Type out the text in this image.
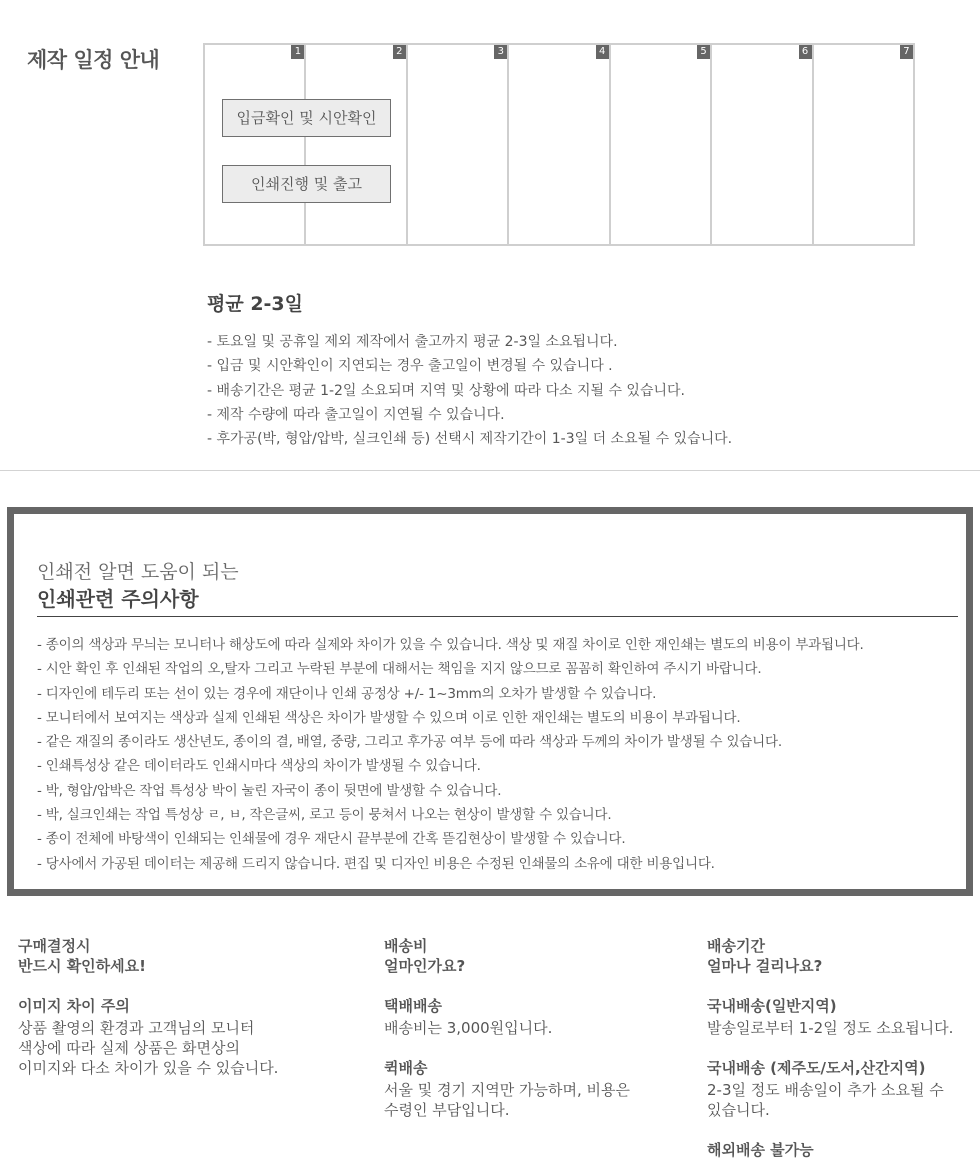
제작 일정 안내	1	2	3	4	5	6	7
입금확인 및 시안확인
인쇄진행 및 출고
평균 2-3일
- 토요일 및 공휴일 제외 제작에서 출고까지 평균 2-3일 소요됩니다.
- 입금 및 시안확인이 지연되는 경우 출고일이 변경될 수 있습니다 .
- 배송기간은 평균 1-2일 소요되며 지역 및 상황에 따라 다소 지될 수 있습니다.
- 제작 수량에 따라 출고일이 지연될 수 있습니다.
- 후가공(박, 형압/압박, 실크인쇄 등) 선택시 제작기간이 1-3일 더 소요될 수 있습니다.
인쇄전 알면 도움이 되는
인쇄관련 주의사항
- 종이의 색상과 무늬는 모니터나 해상도에 따라 실제와 차이가 있을 수 있습니다. 색상 및 재질 차이로 인한 재인쇄는 별도의 비용이 부과됩니다.
- 시안 확인 후 인쇄된 작업의 오,탈자 그리고 누락된 부분에 대해서는 책임을 지지 않으므로 꼼꼼히 확인하여 주시기 바랍니다.
- 디자인에 테두리 또는 선이 있는 경우에 재단이나 인쇄 공정상 +/- 1~3mm의 오차가 발생할 수 있습니다.
- 모니터에서 보여지는 색상과 실제 인쇄된 색상은 차이가 발생할 수 있으며 이로 인한 재인쇄는 별도의 비용이 부과됩니다.
- 같은 재질의 종이라도 생산년도, 종이의 결, 배열, 중량, 그리고 후가공 여부 등에 따라 색상과 두께의 차이가 발생될 수 있습니다.
- 인쇄특성상 같은 데이터라도 인쇄시마다 색상의 차이가 발생될 수 있습니다.
- 박, 형압/압박은 작업 특성상 박이 눌린 자국이 종이 뒷면에 발생할 수 있습니다.
- 박, 실크인쇄는 작업 특성상 ㄹ, ㅂ, 작은글씨, 로고 등이 뭉쳐서 나오는 현상이 발생할 수 있습니다.
- 종이 전체에 바탕색이 인쇄되는 인쇄물에 경우 재단시 끝부분에 간혹 뜯김현상이 발생할 수 있습니다.
- 당사에서 가공된 데이터는 제공해 드리지 않습니다. 편집 및 디자인 비용은 수정된 인쇄물의 소유에 대한 비용입니다.
구매결정시
반드시 확인하세요!
이미지 차이 주의
상품 촬영의 환경과 고객님의 모니터
색상에 따라 실제 상품은 화면상의
이미지와 다소 차이가 있을 수 있습니다.
배송비
얼마인가요?
택배배송
배송비는 3,000원입니다.
퀵배송
서울 및 경기 지역만 가능하며, 비용은
수령인 부담입니다.
배송기간
얼마나 걸리나요?
국내배송(일반지역)
발송일로부터 1-2일 정도 소요됩니다.
국내배송 (제주도/도서,산간지역)
2-3일 정도 배송일이 추가 소요될 수
있습니다.
해외배송 불가능
